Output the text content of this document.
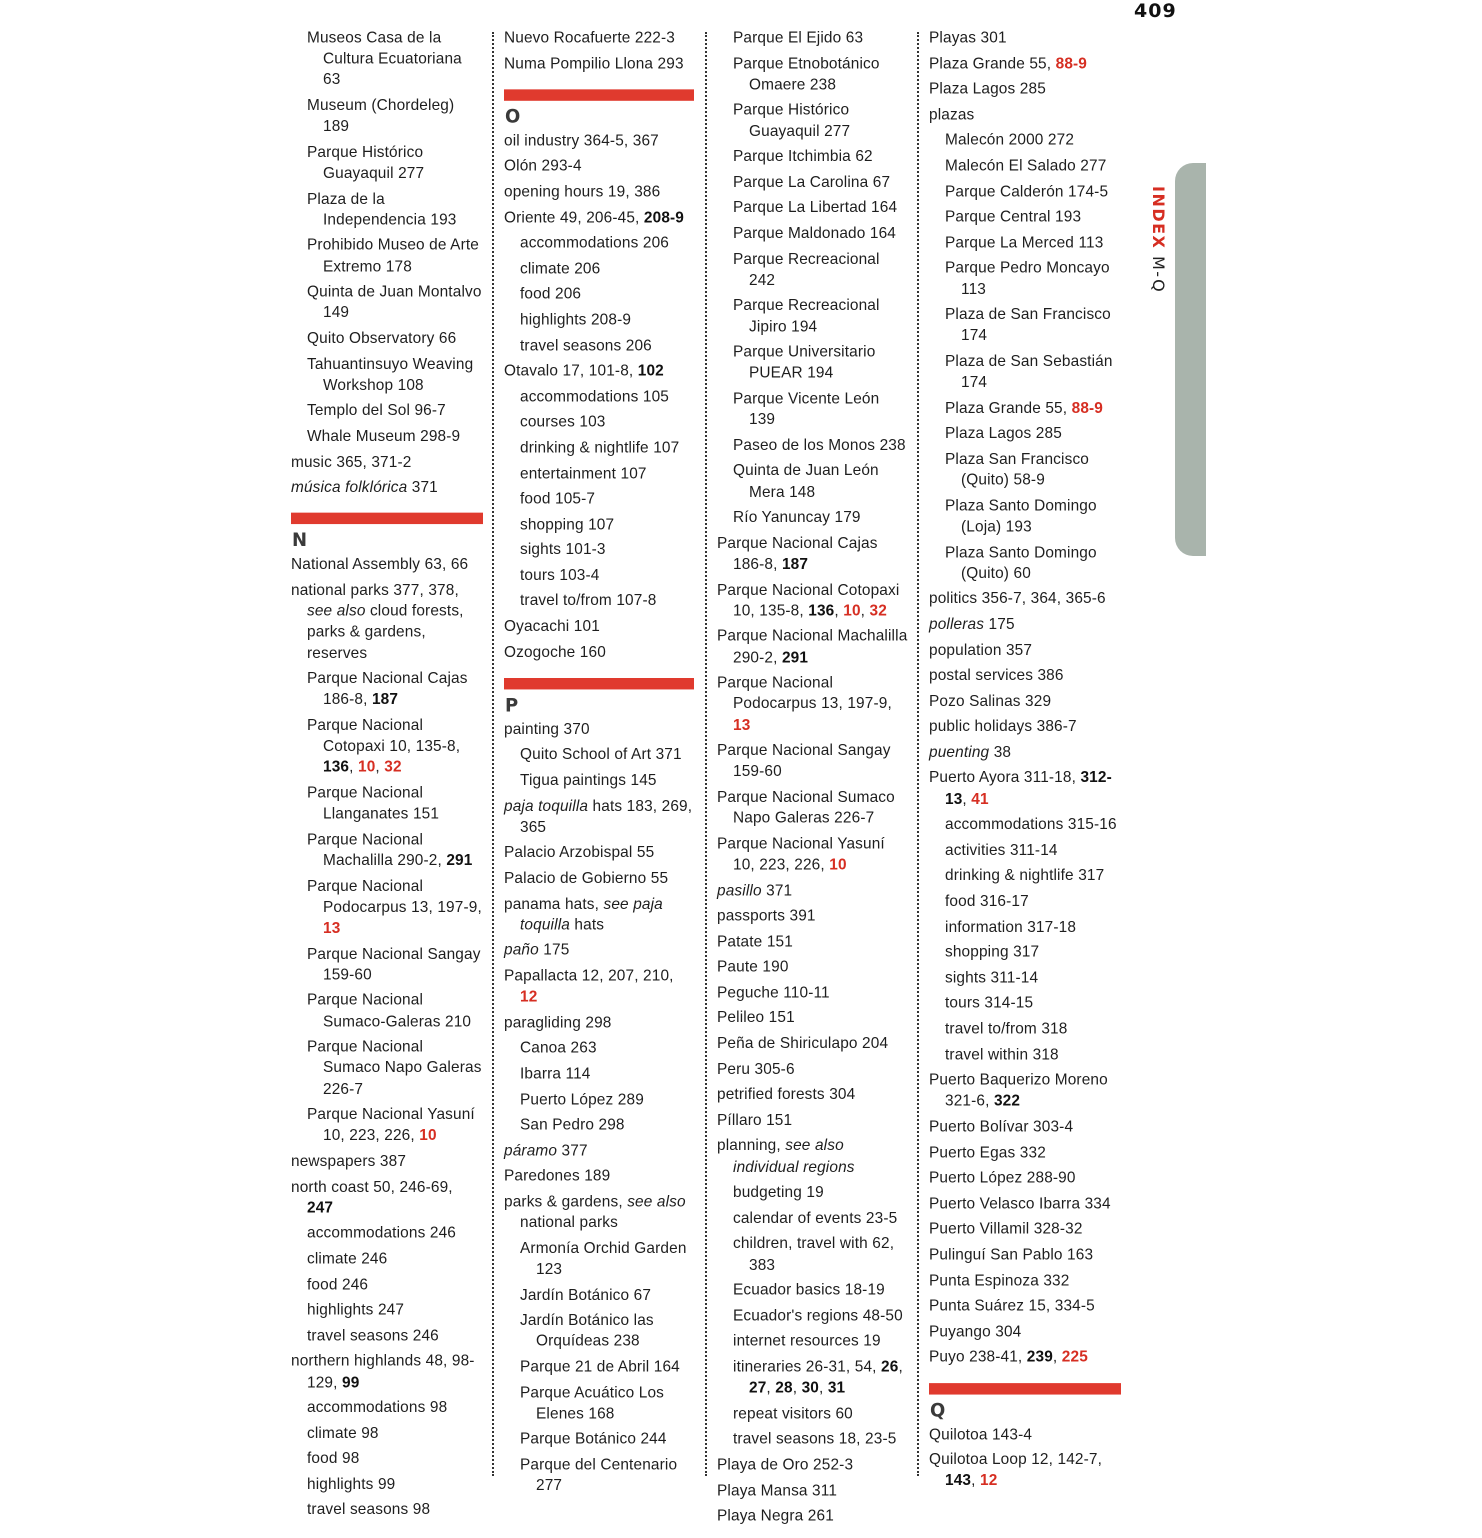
409
Museos Casa de la Cultura Ecuatoriana 63
Museum (Chordeleg) 189
Parque Histórico Guayaquil 277
Plaza de la Independencia 193
Prohibido Museo de Arte Extremo 178
Quinta de Juan Montalvo 149
Quito Observatory 66
Tahuantinsuyo Weaving Workshop 108
Templo del Sol 96-7
Whale Museum 298-9
music 365, 371-2
música folklórica 371
N
National Assembly 63, 66
national parks 377, 378, see also cloud forests, parks & gardens, reserves
Parque Nacional Cajas 186-8, 187
Parque Nacional Cotopaxi 10, 135-8, 136, 10, 32
Parque Nacional Llanganates 151
Parque Nacional Machalilla 290-2, 291
Parque Nacional Podocarpus 13, 197-9, 13
Parque Nacional Sangay 159-60
Parque Nacional Sumaco-Galeras 210
Parque Nacional Sumaco Napo Galeras 226-7
Parque Nacional Yasuní 10, 223, 226, 10
newspapers 387
north coast 50, 246-69, 247
accommodations 246
climate 246
food 246
highlights 247
travel seasons 246
northern highlands 48, 98-129, 99
accommodations 98
climate 98
food 98
highlights 99
travel seasons 98
Nuevo Rocafuerte 222-3
Numa Pompilio Llona 293
O
oil industry 364-5, 367
Olón 293-4
opening hours 19, 386
Oriente 49, 206-45, 208-9
accommodations 206
climate 206
food 206
highlights 208-9
travel seasons 206
Otavalo 17, 101-8, 102
accommodations 105
courses 103
drinking & nightlife 107
entertainment 107
food 105-7
shopping 107
sights 101-3
tours 103-4
travel to/from 107-8
Oyacachi 101
Ozogoche 160
P
painting 370
Quito School of Art 371
Tigua paintings 145
paja toquilla hats 183, 269, 365
Palacio Arzobispal 55
Palacio de Gobierno 55
panama hats, see paja toquilla hats
paño 175
Papallacta 12, 207, 210, 12
paragliding 298
Canoa 263
Ibarra 114
Puerto López 289
San Pedro 298
páramo 377
Paredones 189
parks & gardens, see also national parks
Armonía Orchid Garden 123
Jardín Botánico 67
Jardín Botánico las Orquídeas 238
Parque 21 de Abril 164
Parque Acuático Los Elenes 168
Parque Botánico 244
Parque del Centenario 277
Parque El Ejido 63
Parque Etnobotánico Omaere 238
Parque Histórico Guayaquil 277
Parque Itchimbia 62
Parque La Carolina 67
Parque La Libertad 164
Parque Maldonado 164
Parque Recreacional 242
Parque Recreacional Jipiro 194
Parque Universitario PUEAR 194
Parque Vicente León 139
Paseo de los Monos 238
Quinta de Juan León Mera 148
Río Yanuncay 179
Parque Nacional Cajas 186-8, 187
Parque Nacional Cotopaxi 10, 135-8, 136, 10, 32
Parque Nacional Machalilla 290-2, 291
Parque Nacional Podocarpus 13, 197-9, 13
Parque Nacional Sangay 159-60
Parque Nacional Sumaco Napo Galeras 226-7
Parque Nacional Yasuní 10, 223, 226, 10
pasillo 371
passports 391
Patate 151
Paute 190
Peguche 110-11
Pelileo 151
Peña de Shiriculapo 204
Peru 305-6
petrified forests 304
Píllaro 151
planning, see also individual regions
budgeting 19
calendar of events 23-5
children, travel with 62, 383
Ecuador basics 18-19
Ecuador's regions 48-50
internet resources 19
itineraries 26-31, 54, 26, 27, 28, 30, 31
repeat visitors 60
travel seasons 18, 23-5
Playa de Oro 252-3
Playa Mansa 311
Playa Negra 261
Playas 301
Plaza Grande 55, 88-9
Plaza Lagos 285
plazas
Malecón 2000 272
Malecón El Salado 277
Parque Calderón 174-5
Parque Central 193
Parque La Merced 113
Parque Pedro Moncayo 113
Plaza de San Francisco 174
Plaza de San Sebastián 174
Plaza Grande 55, 88-9
Plaza Lagos 285
Plaza San Francisco (Quito) 58-9
Plaza Santo Domingo (Loja) 193
Plaza Santo Domingo (Quito) 60
politics 356-7, 364, 365-6
polleras 175
population 357
postal services 386
Pozo Salinas 329
public holidays 386-7
puenting 38
Puerto Ayora 311-18, 312-13, 41
accommodations 315-16
activities 311-14
drinking & nightlife 317
food 316-17
information 317-18
shopping 317
sights 311-14
tours 314-15
travel to/from 318
travel within 318
Puerto Baquerizo Moreno 321-6, 322
Puerto Bolívar 303-4
Puerto Egas 332
Puerto López 288-90
Puerto Velasco Ibarra 334
Puerto Villamil 328-32
Pulinguí San Pablo 163
Punta Espinoza 332
Punta Suárez 15, 334-5
Puyango 304
Puyo 238-41, 239, 225
Q
Quilotoa 143-4
Quilotoa Loop 12, 142-7, 143, 12
INDEX M-Q
